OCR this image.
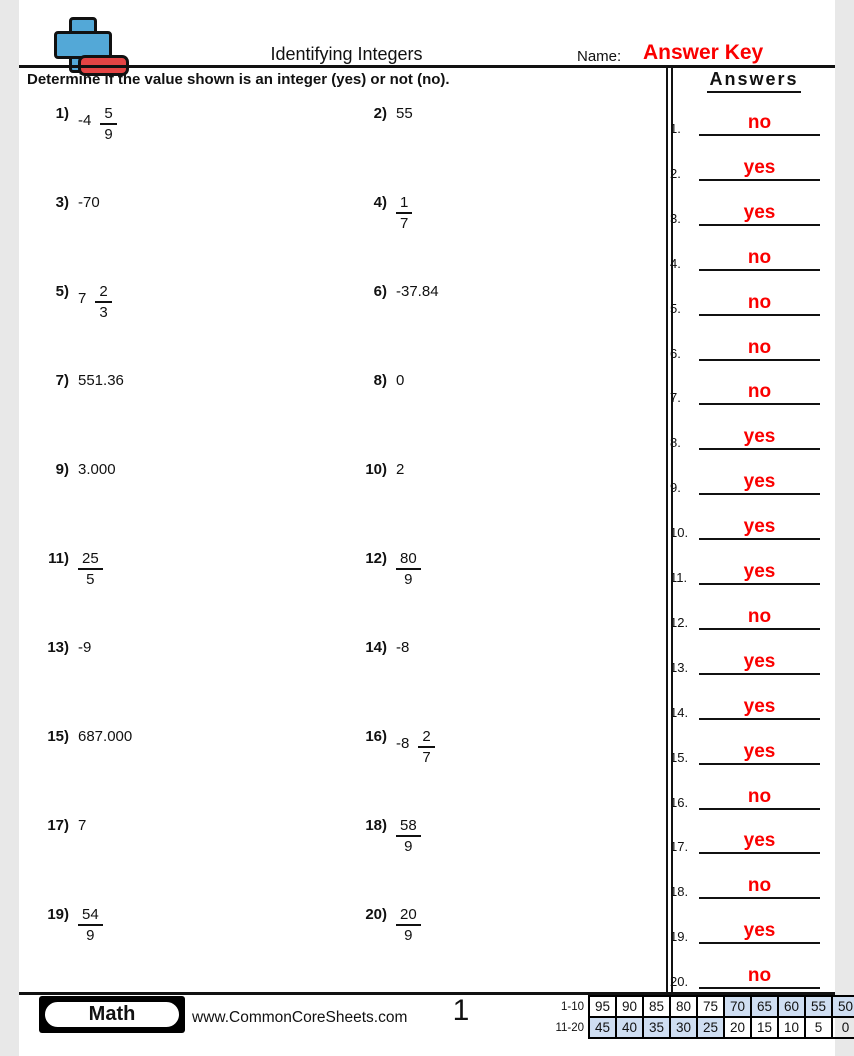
Identifying Integers	Name: Answer Key
Determine if the value shown is an integer (yes) or not (no).
1) $-4 \frac{5}{9}$	2) 55
3) -70	$4) \frac{1}{7}$
5) $7 \frac{2}{3}$	6) -37.84
7) 551.36	8) 0
9) 3.000	10) 2
$11) \frac{25}{5}$	$12) \frac{80}{9}$
13) -9	14) -8
15) 687.000	16) $-8 \frac{2}{7}$
17) 7	$18) \frac{58}{9}$
$19) \frac{54}{9}$	$20) \frac{20}{9}$
Answers
1.	no
2.	yes
3.	yes
4.	no
5.	no
6.	no
7.	no
8.	yes
9.	yes
10.	yes
11.	yes
12.	no
13.	yes
14.	yes
15.	yes
16.	no
17.	yes
18.	no
19.	yes
20.	no
Math	www.CommonCoreSheets.com	1	1-10	95	90	85	80	75	70	65	60	55	50
11-20	45	40	35	30	25	20	15	10	5	0
